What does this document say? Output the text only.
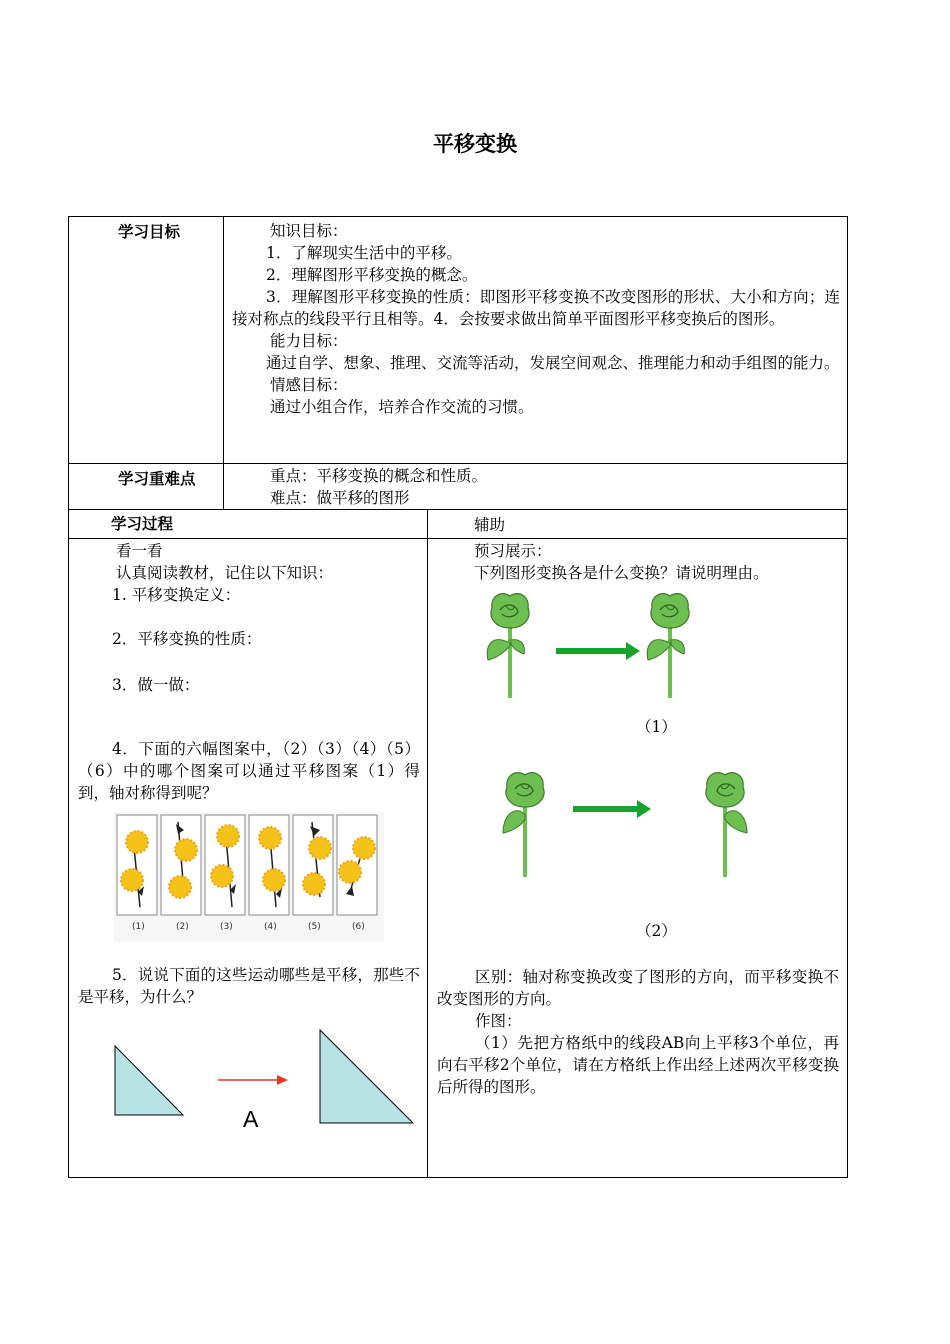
平移变换
学习目标	知识目标：
1．了解现实生活中的平移。
2．理解图形平移变换的概念。
3．理解图形平移变换的性质：即图形平移变换不改变图形的形状、大小和方向；连接对称点的线段平行且相等。4．会按要求做出简单平面图形平移变换后的图形。
能力目标：
通过自学、想象、推理、交流等活动，发展空间观念、推理能力和动手组图的能力。
情感目标：
通过小组合作，培养合作交流的习惯。
学习重难点	重点：平移变换的概念和性质。
难点：做平移的图形
学习过程	辅助
看一看
认真阅读教材，记住以下知识：
1. 平移变换定义：
2．平移变换的性质：
3．做一做：
4．下面的六幅图案中，（2）（3）（4）（5）（6）中的哪个图案可以通过平移图案（1）得到，轴对称得到呢？
(1)	(2)	(3)	(4)	(5)	(6)
5．说说下面的这些运动哪些是平移，那些不是平移，为什么？
A
预习展示：
下列图形变换各是什么变换？请说明理由。
（1）
（2）
区别：轴对称变换改变了图形的方向，而平移变换不改变图形的方向。
作图：
（1）先把方格纸中的线段AB向上平移3个单位，再向右平移2个单位，请在方格纸上作出经上述两次平移变换后所得的图形。
